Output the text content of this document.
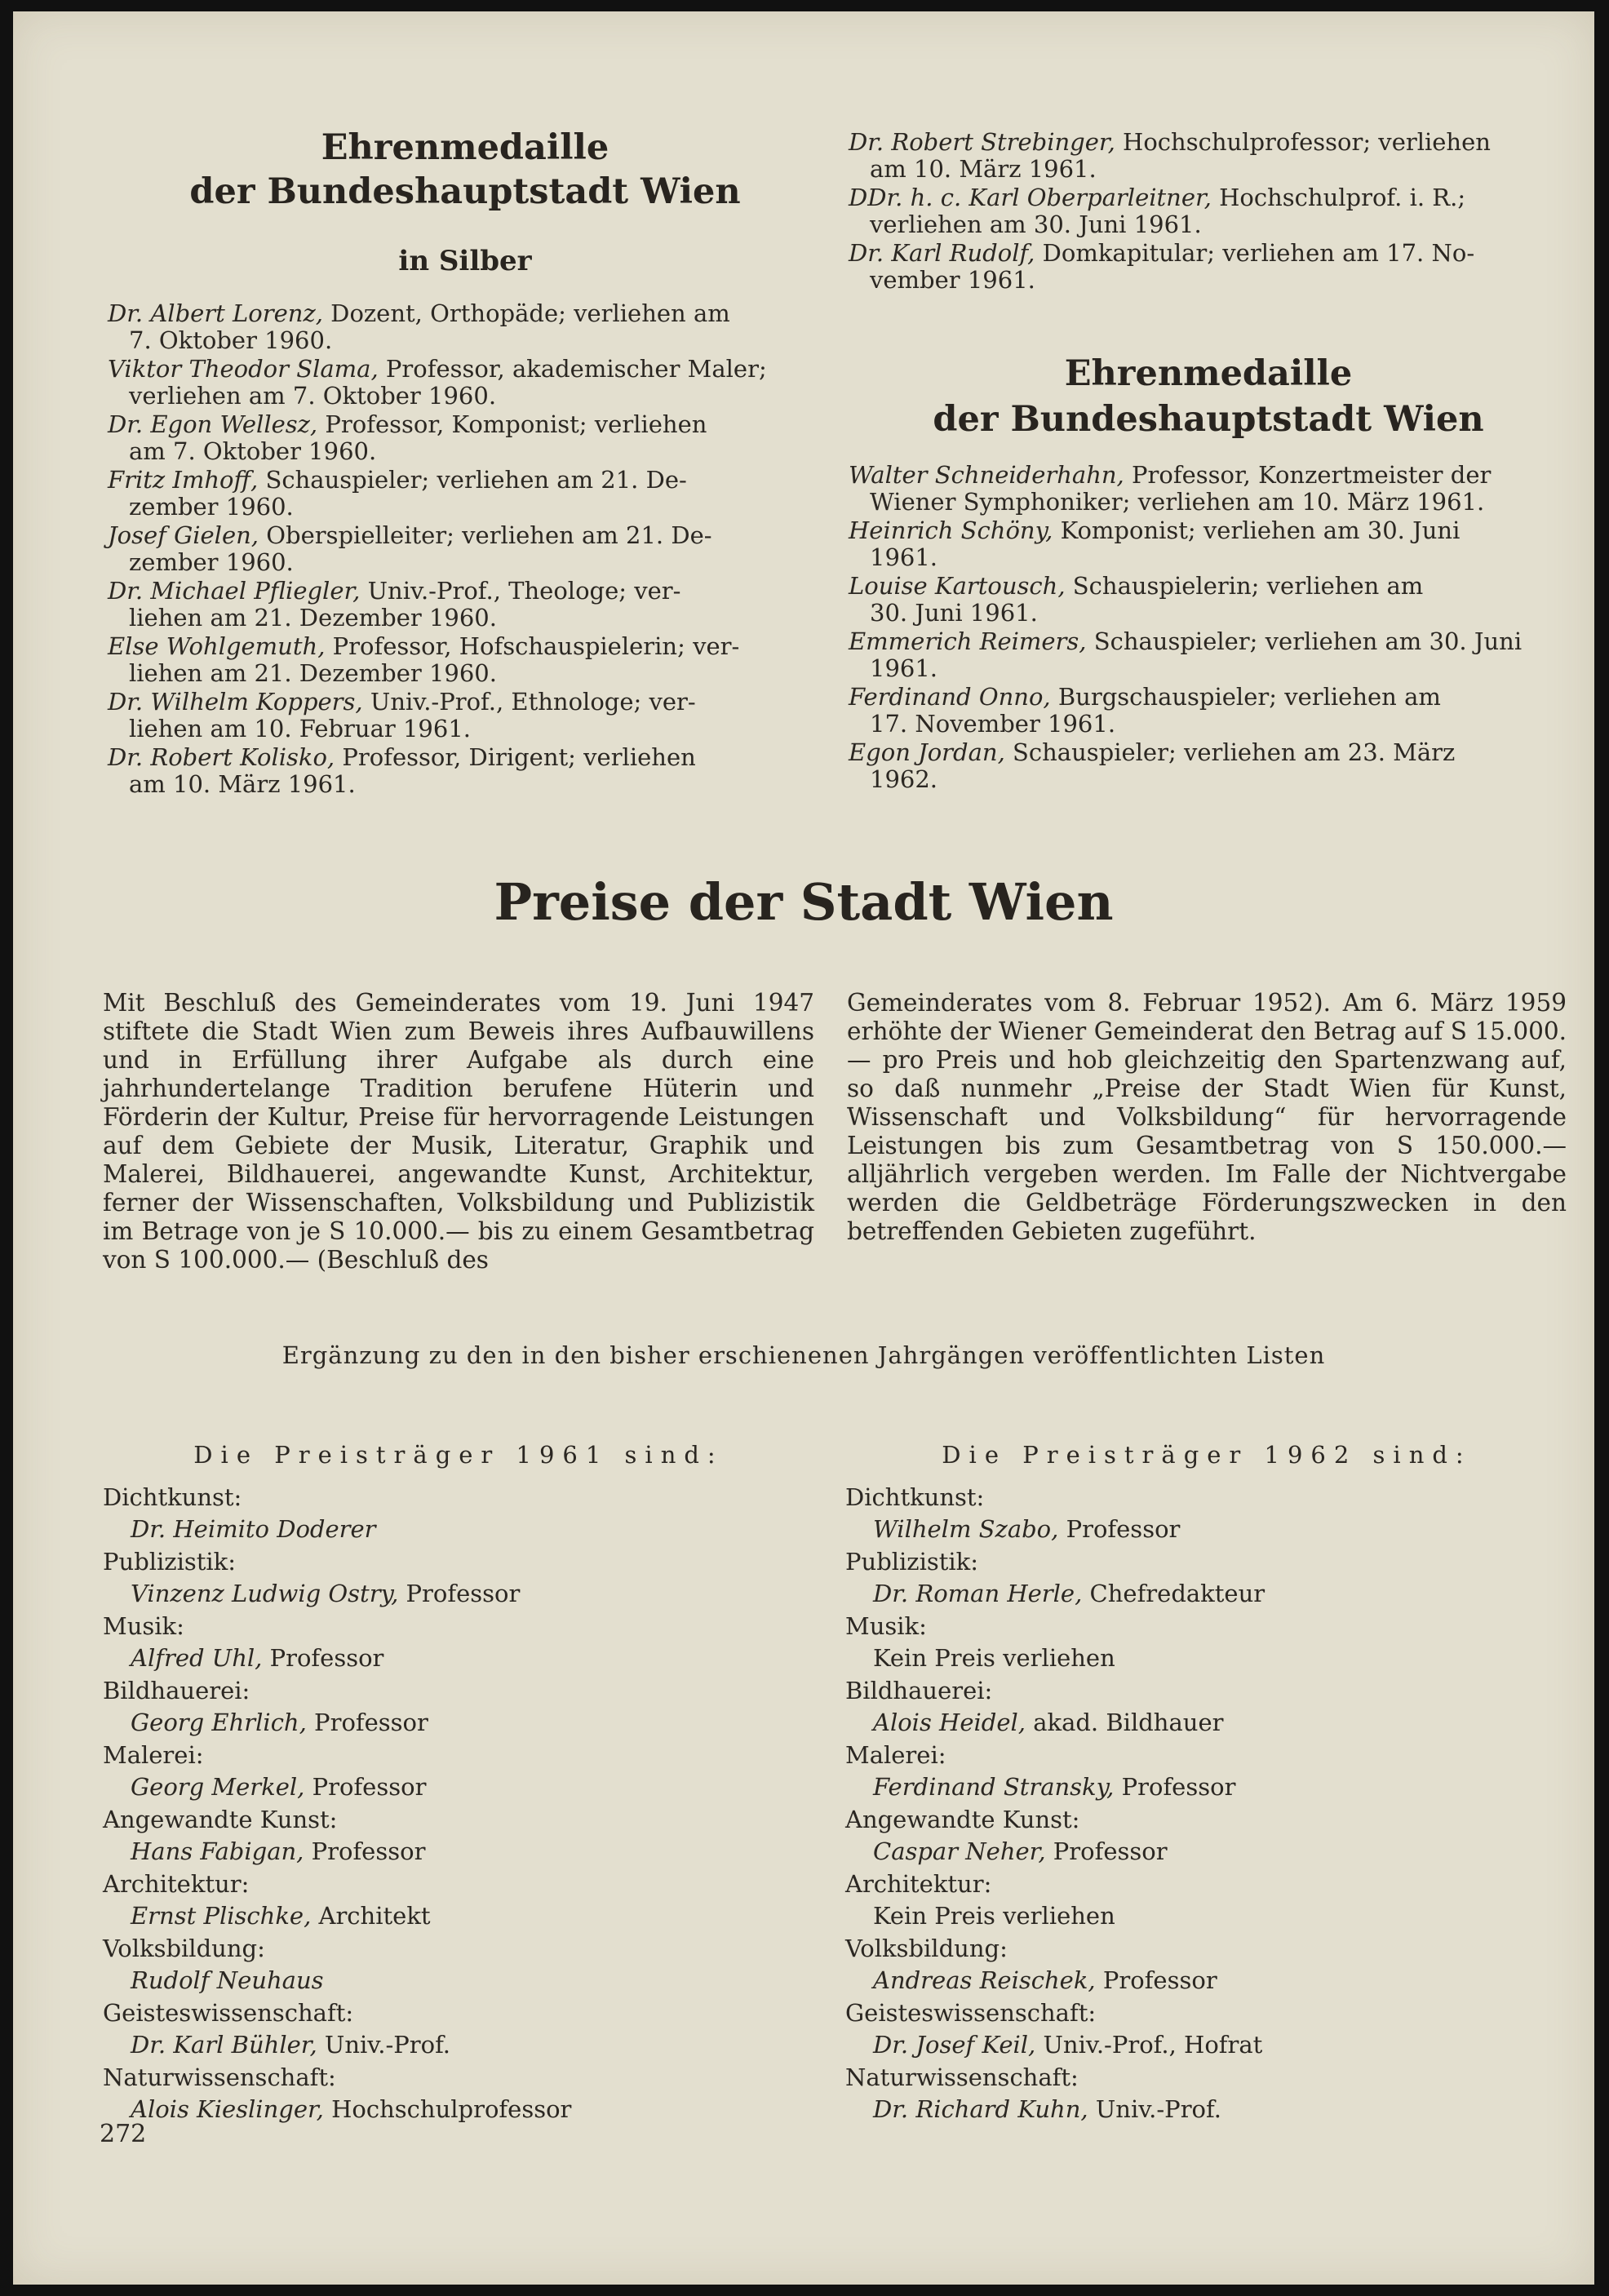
Ehrenmedaille
der Bundeshauptstadt Wien
in Silber
Dr. Albert Lorenz, Dozent, Orthopäde; verliehen am
7. Oktober 1960.
Viktor Theodor Slama, Professor, akademischer Maler;
verliehen am 7. Oktober 1960.
Dr. Egon Wellesz, Professor, Komponist; verliehen
am 7. Oktober 1960.
Fritz Imhoff, Schauspieler; verliehen am 21. De-
zember 1960.
Josef Gielen, Oberspielleiter; verliehen am 21. De-
zember 1960.
Dr. Michael Pfliegler, Univ.-Prof., Theologe; ver-
liehen am 21. Dezember 1960.
Else Wohlgemuth, Professor, Hofschauspielerin; ver-
liehen am 21. Dezember 1960.
Dr. Wilhelm Koppers, Univ.-Prof., Ethnologe; ver-
liehen am 10. Februar 1961.
Dr. Robert Kolisko, Professor, Dirigent; verliehen
am 10. März 1961.
Dr. Robert Strebinger, Hochschulprofessor; verliehen
am 10. März 1961.
DDr. h. c. Karl Oberparleitner, Hochschulprof. i. R.;
verliehen am 30. Juni 1961.
Dr. Karl Rudolf, Domkapitular; verliehen am 17. No-
vember 1961.
Ehrenmedaille
der Bundeshauptstadt Wien
Walter Schneiderhahn, Professor, Konzertmeister der
Wiener Symphoniker; verliehen am 10. März 1961.
Heinrich Schöny, Komponist; verliehen am 30. Juni
1961.
Louise Kartousch, Schauspielerin; verliehen am
30. Juni 1961.
Emmerich Reimers, Schauspieler; verliehen am 30. Juni
1961.
Ferdinand Onno, Burgschauspieler; verliehen am
17. November 1961.
Egon Jordan, Schauspieler; verliehen am 23. März
1962.
Preise der Stadt Wien
Mit Beschluß des Gemeinderates vom 19. Juni 1947 stiftete die Stadt Wien zum Beweis ihres Aufbauwillens und in Erfüllung ihrer Aufgabe als durch eine jahrhundertelange Tradition berufene Hüterin und Förderin der Kultur, Preise für hervorragende Leistungen auf dem Gebiete der Musik, Literatur, Graphik und Malerei, Bildhauerei, angewandte Kunst, Architektur, ferner der Wissenschaften, Volksbildung und Publizistik im Betrage von je S 10.000.— bis zu einem Gesamtbetrag von S 100.000.— (Beschluß des
Gemeinderates vom 8. Februar 1952). Am 6. März 1959 erhöhte der Wiener Gemeinderat den Betrag auf S 15.000.— pro Preis und hob gleichzeitig den Spartenzwang auf, so daß nunmehr „Preise der Stadt Wien für Kunst, Wissenschaft und Volksbildung“ für hervorragende Leistungen bis zum Gesamtbetrag von S 150.000.— alljährlich vergeben werden. Im Falle der Nichtvergabe werden die Geldbeträge Förderungszwecken in den betreffenden Gebieten zugeführt.
Ergänzung zu den in den bisher erschienenen Jahrgängen veröffentlichten Listen
Die Preisträger 1961 sind:	Die Preisträger 1962 sind:
Dichtkunst:
Dr. Heimito Doderer
Publizistik:
Vinzenz Ludwig Ostry, Professor
Musik:
Alfred Uhl, Professor
Bildhauerei:
Georg Ehrlich, Professor
Malerei:
Georg Merkel, Professor
Angewandte Kunst:
Hans Fabigan, Professor
Architektur:
Ernst Plischke, Architekt
Volksbildung:
Rudolf Neuhaus
Geisteswissenschaft:
Dr. Karl Bühler, Univ.-Prof.
Naturwissenschaft:
Alois Kieslinger, Hochschulprofessor
Dichtkunst:
Wilhelm Szabo, Professor
Publizistik:
Dr. Roman Herle, Chefredakteur
Musik:
Kein Preis verliehen
Bildhauerei:
Alois Heidel, akad. Bildhauer
Malerei:
Ferdinand Stransky, Professor
Angewandte Kunst:
Caspar Neher, Professor
Architektur:
Kein Preis verliehen
Volksbildung:
Andreas Reischek, Professor
Geisteswissenschaft:
Dr. Josef Keil, Univ.-Prof., Hofrat
Naturwissenschaft:
Dr. Richard Kuhn, Univ.-Prof.
272
